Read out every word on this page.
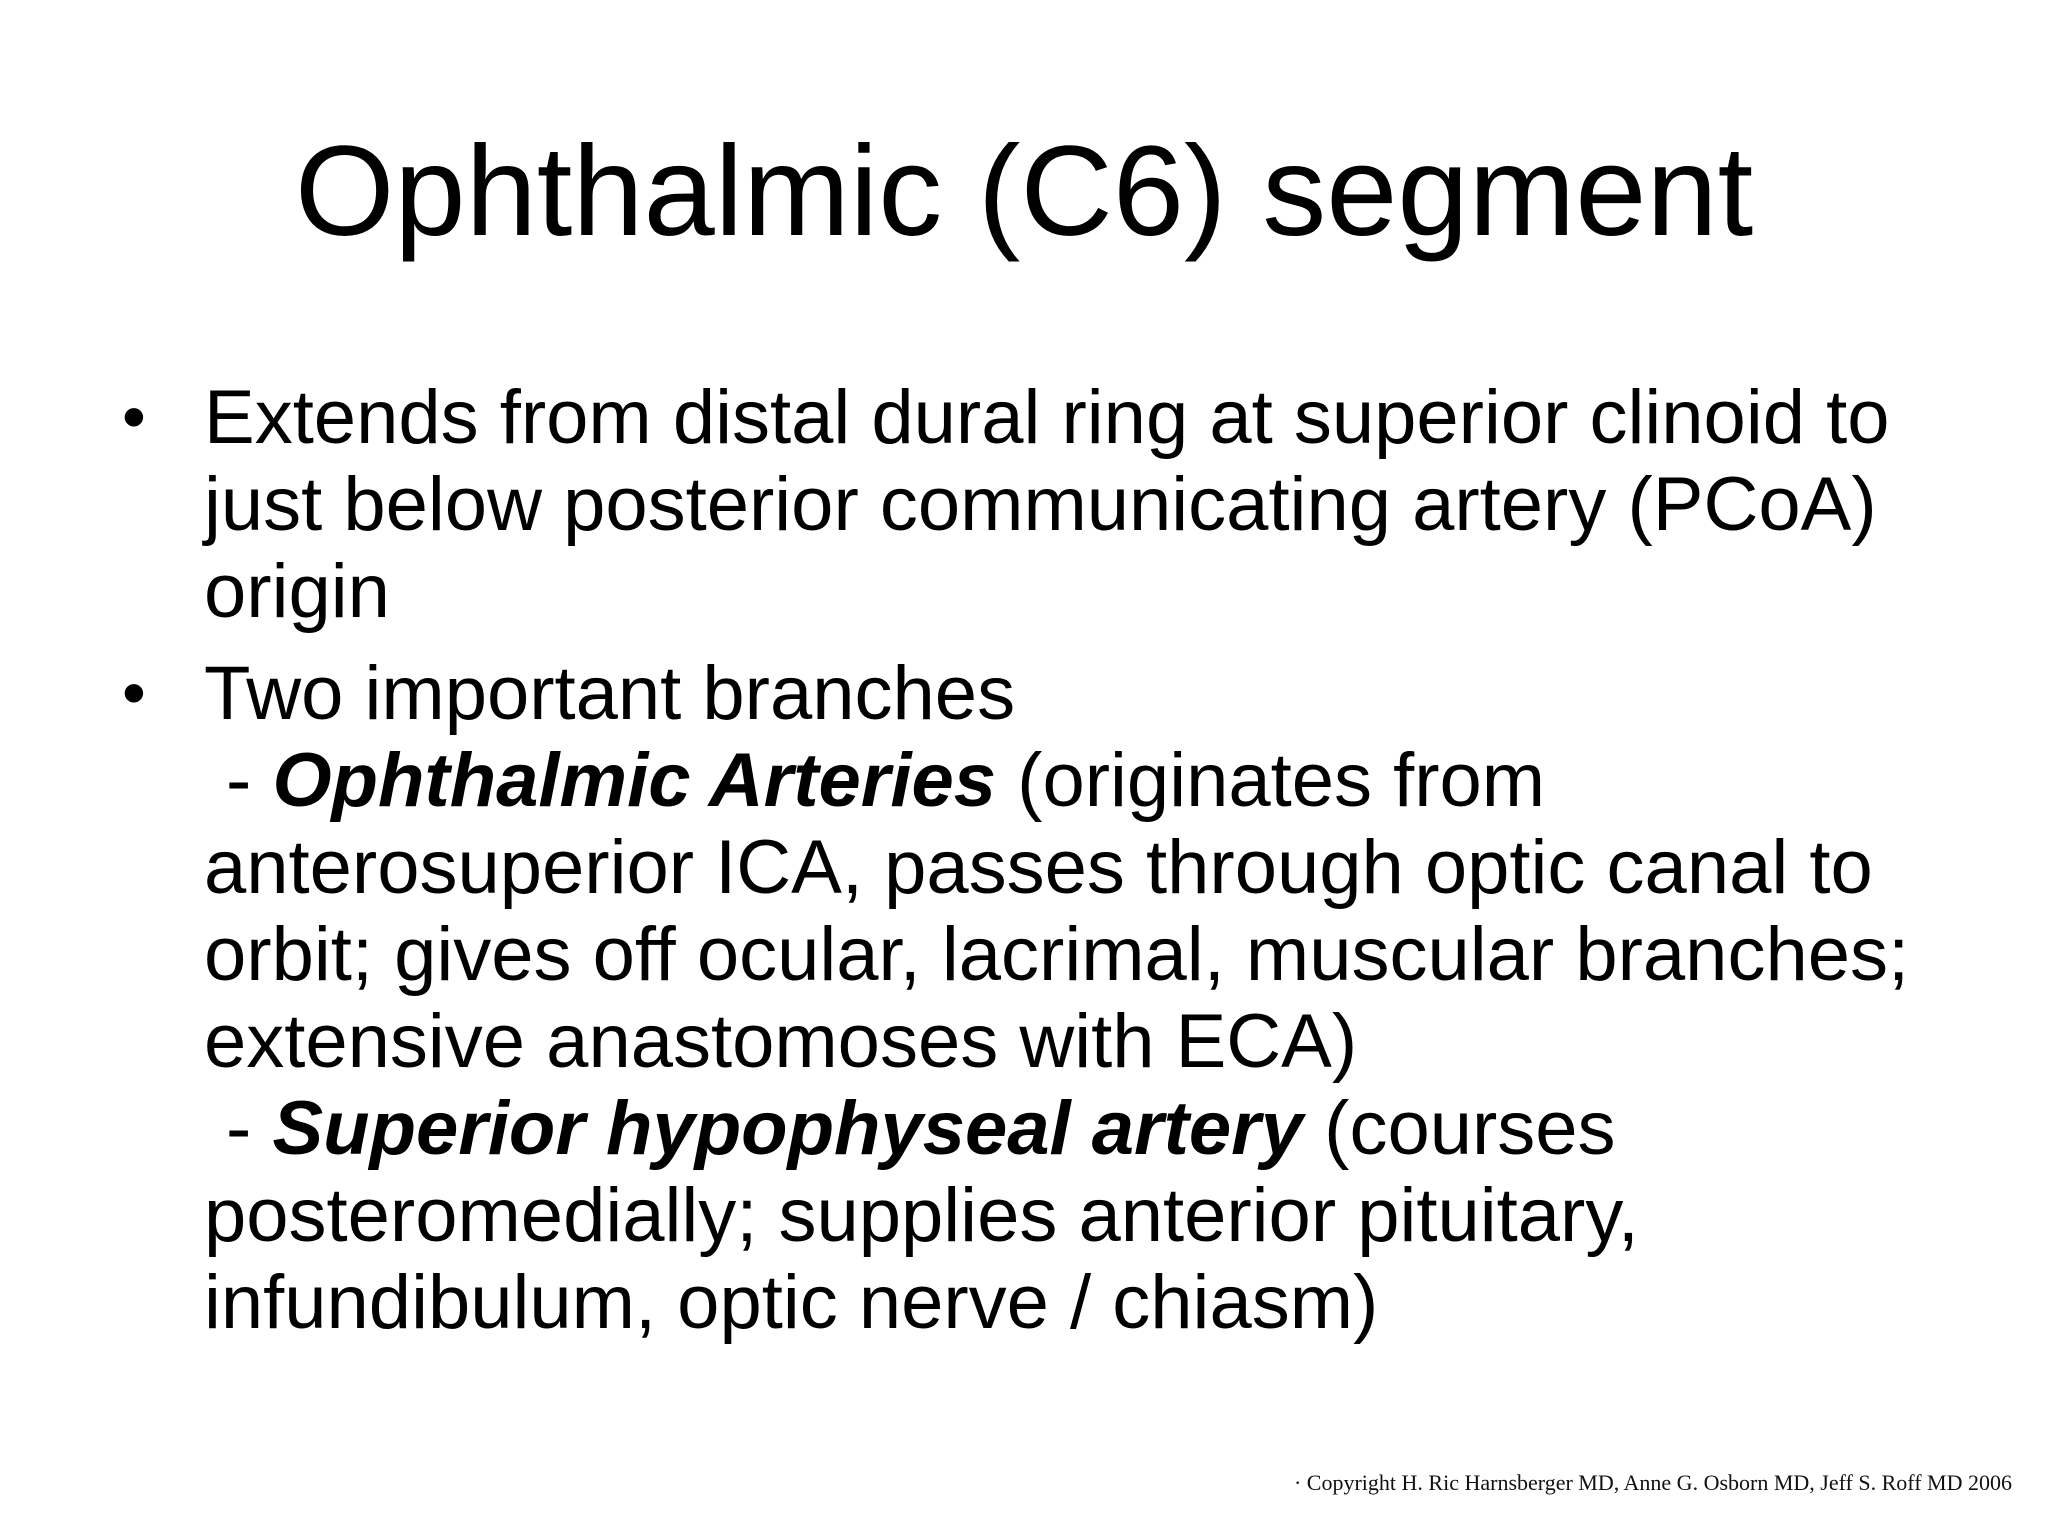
Ophthalmic (C6) segment
• Extends from distal dural ring at superior clinoid to just below posterior communicating artery (PCoA) origin
• Two important branches
- Ophthalmic Arteries (originates from anterosuperior ICA, passes through optic canal to orbit; gives off ocular, lacrimal, muscular branches; extensive anastomoses with ECA)
- Superior hypophyseal artery (courses posteromedially; supplies anterior pituitary, infundibulum, optic nerve / chiasm)
· Copyright H. Ric Harnsberger MD, Anne G. Osborn MD, Jeff S. Roff MD 2006
